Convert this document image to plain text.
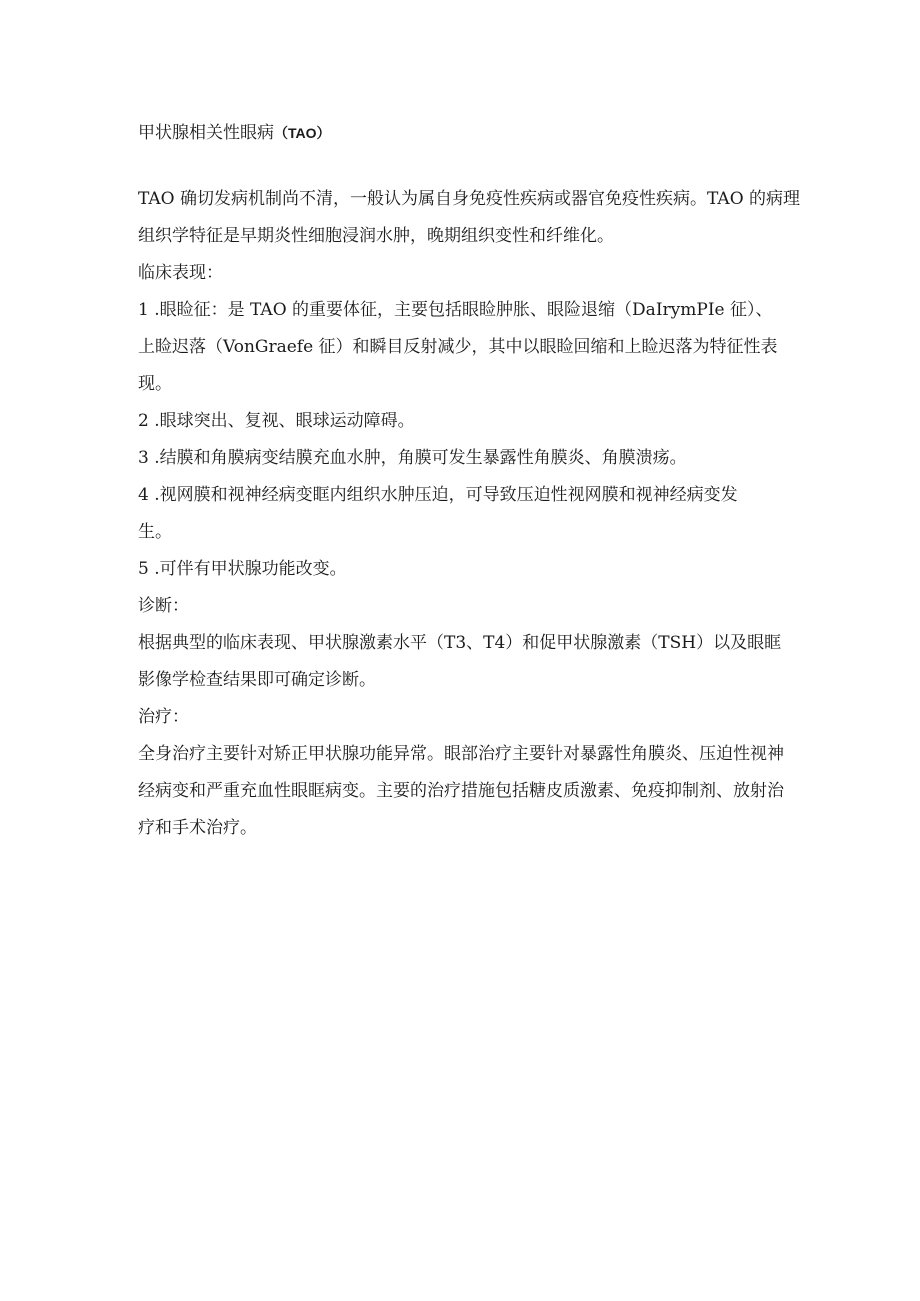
甲状腺相关性眼病（TAO）
TAO 确切发病机制尚不清，一般认为属自身免疫性疾病或器官免疫性疾病。TAO 的病理
组织学特征是早期炎性细胞浸润水肿，晚期组织变性和纤维化。
临床表现：
1 .眼睑征：是 TAO 的重要体征，主要包括眼睑肿胀、眼险退缩（DaIrymPIe 征）、
上睑迟落（VonGraefe 征）和瞬目反射减少，其中以眼睑回缩和上睑迟落为特征性表
现。
2 .眼球突出、复视、眼球运动障碍。
3 .结膜和角膜病变结膜充血水肿，角膜可发生暴露性角膜炎、角膜溃疡。
4 .视网膜和视神经病变眶内组织水肿压迫，可导致压迫性视网膜和视神经病变发
生。
5 .可伴有甲状腺功能改变。
诊断：
根据典型的临床表现、甲状腺激素水平（T3、T4）和促甲状腺激素（TSH）以及眼眶
影像学检查结果即可确定诊断。
治疗：
全身治疗主要针对矫正甲状腺功能异常。眼部治疗主要针对暴露性角膜炎、压迫性视神
经病变和严重充血性眼眶病变。主要的治疗措施包括糖皮质激素、免疫抑制剂、放射治
疗和手术治疗。
